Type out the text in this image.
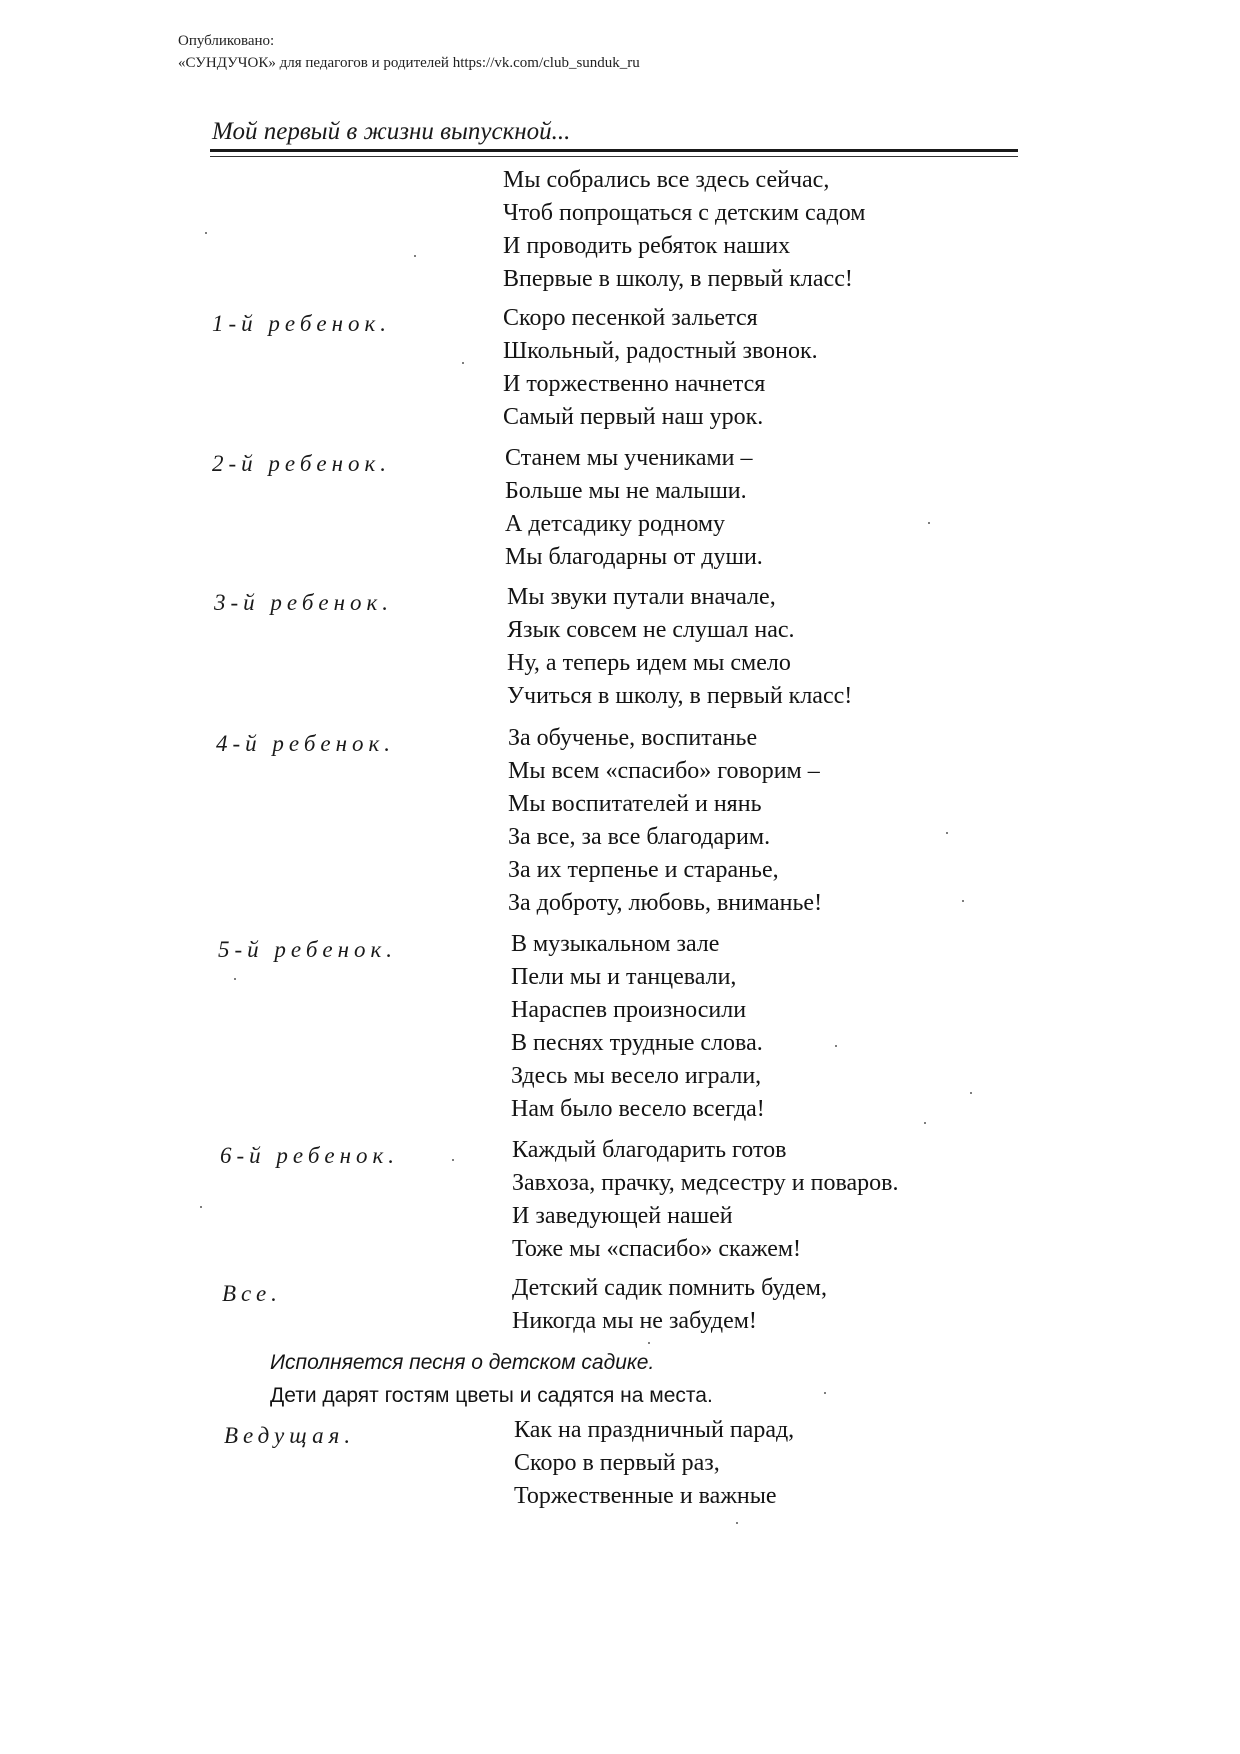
Опубликовано:
«СУНДУЧОК» для педагогов и родителей https://vk.com/club_sunduk_ru
Мой первый в жизни выпускной...
Мы собрались все здесь сейчас,
Чтоб попрощаться с детским садом
И проводить ребяток наших
Впервые в школу, в первый класс!
1-й ребенок.	Скоро песенкой зальется
Школьный, радостный звонок.
И торжественно начнется
Самый первый наш урок.
2-й ребенок.	Станем мы учениками –
Больше мы не малыши.
А детсадику родному
Мы благодарны от души.
3-й ребенок.	Мы звуки путали вначале,
Язык совсем не слушал нас.
Ну, а теперь идем мы смело
Учиться в школу, в первый класс!
4-й ребенок.	За обученье, воспитанье
Мы всем «спасибо» говорим –
Мы воспитателей и нянь
За все, за все благодарим.
За их терпенье и старанье,
За доброту, любовь, вниманье!
5-й ребенок.	В музыкальном зале
Пели мы и танцевали,
Нараспев произносили
В песнях трудные слова.
Здесь мы весело играли,
Нам было весело всегда!
6-й ребенок.	Каждый благодарить готов
Завхоза, прачку, медсестру и поваров.
И заведующей нашей
Тоже мы «спасибо» скажем!
Все.	Детский садик помнить будем,
Никогда мы не забудем!
Исполняется песня о детском садике.
Дети дарят гостям цветы и садятся на места.
Ведущая.	Как на праздничный парад,
Скоро в первый раз,
Торжественные и важные
